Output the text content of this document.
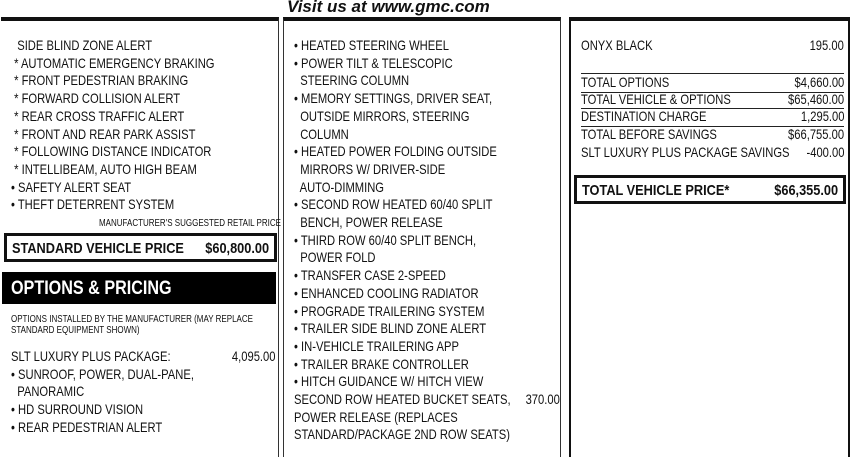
Visit us at www.gmc.com
SIDE BLIND ZONE ALERT
* AUTOMATIC EMERGENCY BRAKING
* FRONT PEDESTRIAN BRAKING
* FORWARD COLLISION ALERT
* REAR CROSS TRAFFIC ALERT
* FRONT AND REAR PARK ASSIST
* FOLLOWING DISTANCE INDICATOR
* INTELLIBEAM, AUTO HIGH BEAM
• SAFETY ALERT SEAT
• THEFT DETERRENT SYSTEM
MANUFACTURER'S SUGGESTED RETAIL PRICE
STANDARD VEHICLE PRICE $60,800.00
OPTIONS & PRICING
OPTIONS INSTALLED BY THE MANUFACTURER (MAY REPLACE
STANDARD EQUIPMENT SHOWN)
SLT LUXURY PLUS PACKAGE:	4,095.00
• SUNROOF, POWER, DUAL-PANE,
PANORAMIC
• HD SURROUND VISION
• REAR PEDESTRIAN ALERT
• HEATED STEERING WHEEL
• POWER TILT & TELESCOPIC
STEERING COLUMN
• MEMORY SETTINGS, DRIVER SEAT,
OUTSIDE MIRRORS, STEERING
COLUMN
• HEATED POWER FOLDING OUTSIDE
MIRRORS W/ DRIVER-SIDE
AUTO-DIMMING
• SECOND ROW HEATED 60/40 SPLIT
BENCH, POWER RELEASE
• THIRD ROW 60/40 SPLIT BENCH,
POWER FOLD
• TRANSFER CASE 2-SPEED
• ENHANCED COOLING RADIATOR
• PROGRADE TRAILERING SYSTEM
• TRAILER SIDE BLIND ZONE ALERT
• IN-VEHICLE TRAILERING APP
• TRAILER BRAKE CONTROLLER
• HITCH GUIDANCE W/ HITCH VIEW
SECOND ROW HEATED BUCKET SEATS, 370.00
POWER RELEASE (REPLACES
STANDARD/PACKAGE 2ND ROW SEATS)
ONYX BLACK	195.00
TOTAL OPTIONS	$4,660.00
TOTAL VEHICLE & OPTIONS	$65,460.00
DESTINATION CHARGE	1,295.00
TOTAL BEFORE SAVINGS	$66,755.00
SLT LUXURY PLUS PACKAGE SAVINGS -400.00
TOTAL VEHICLE PRICE*	$66,355.00
